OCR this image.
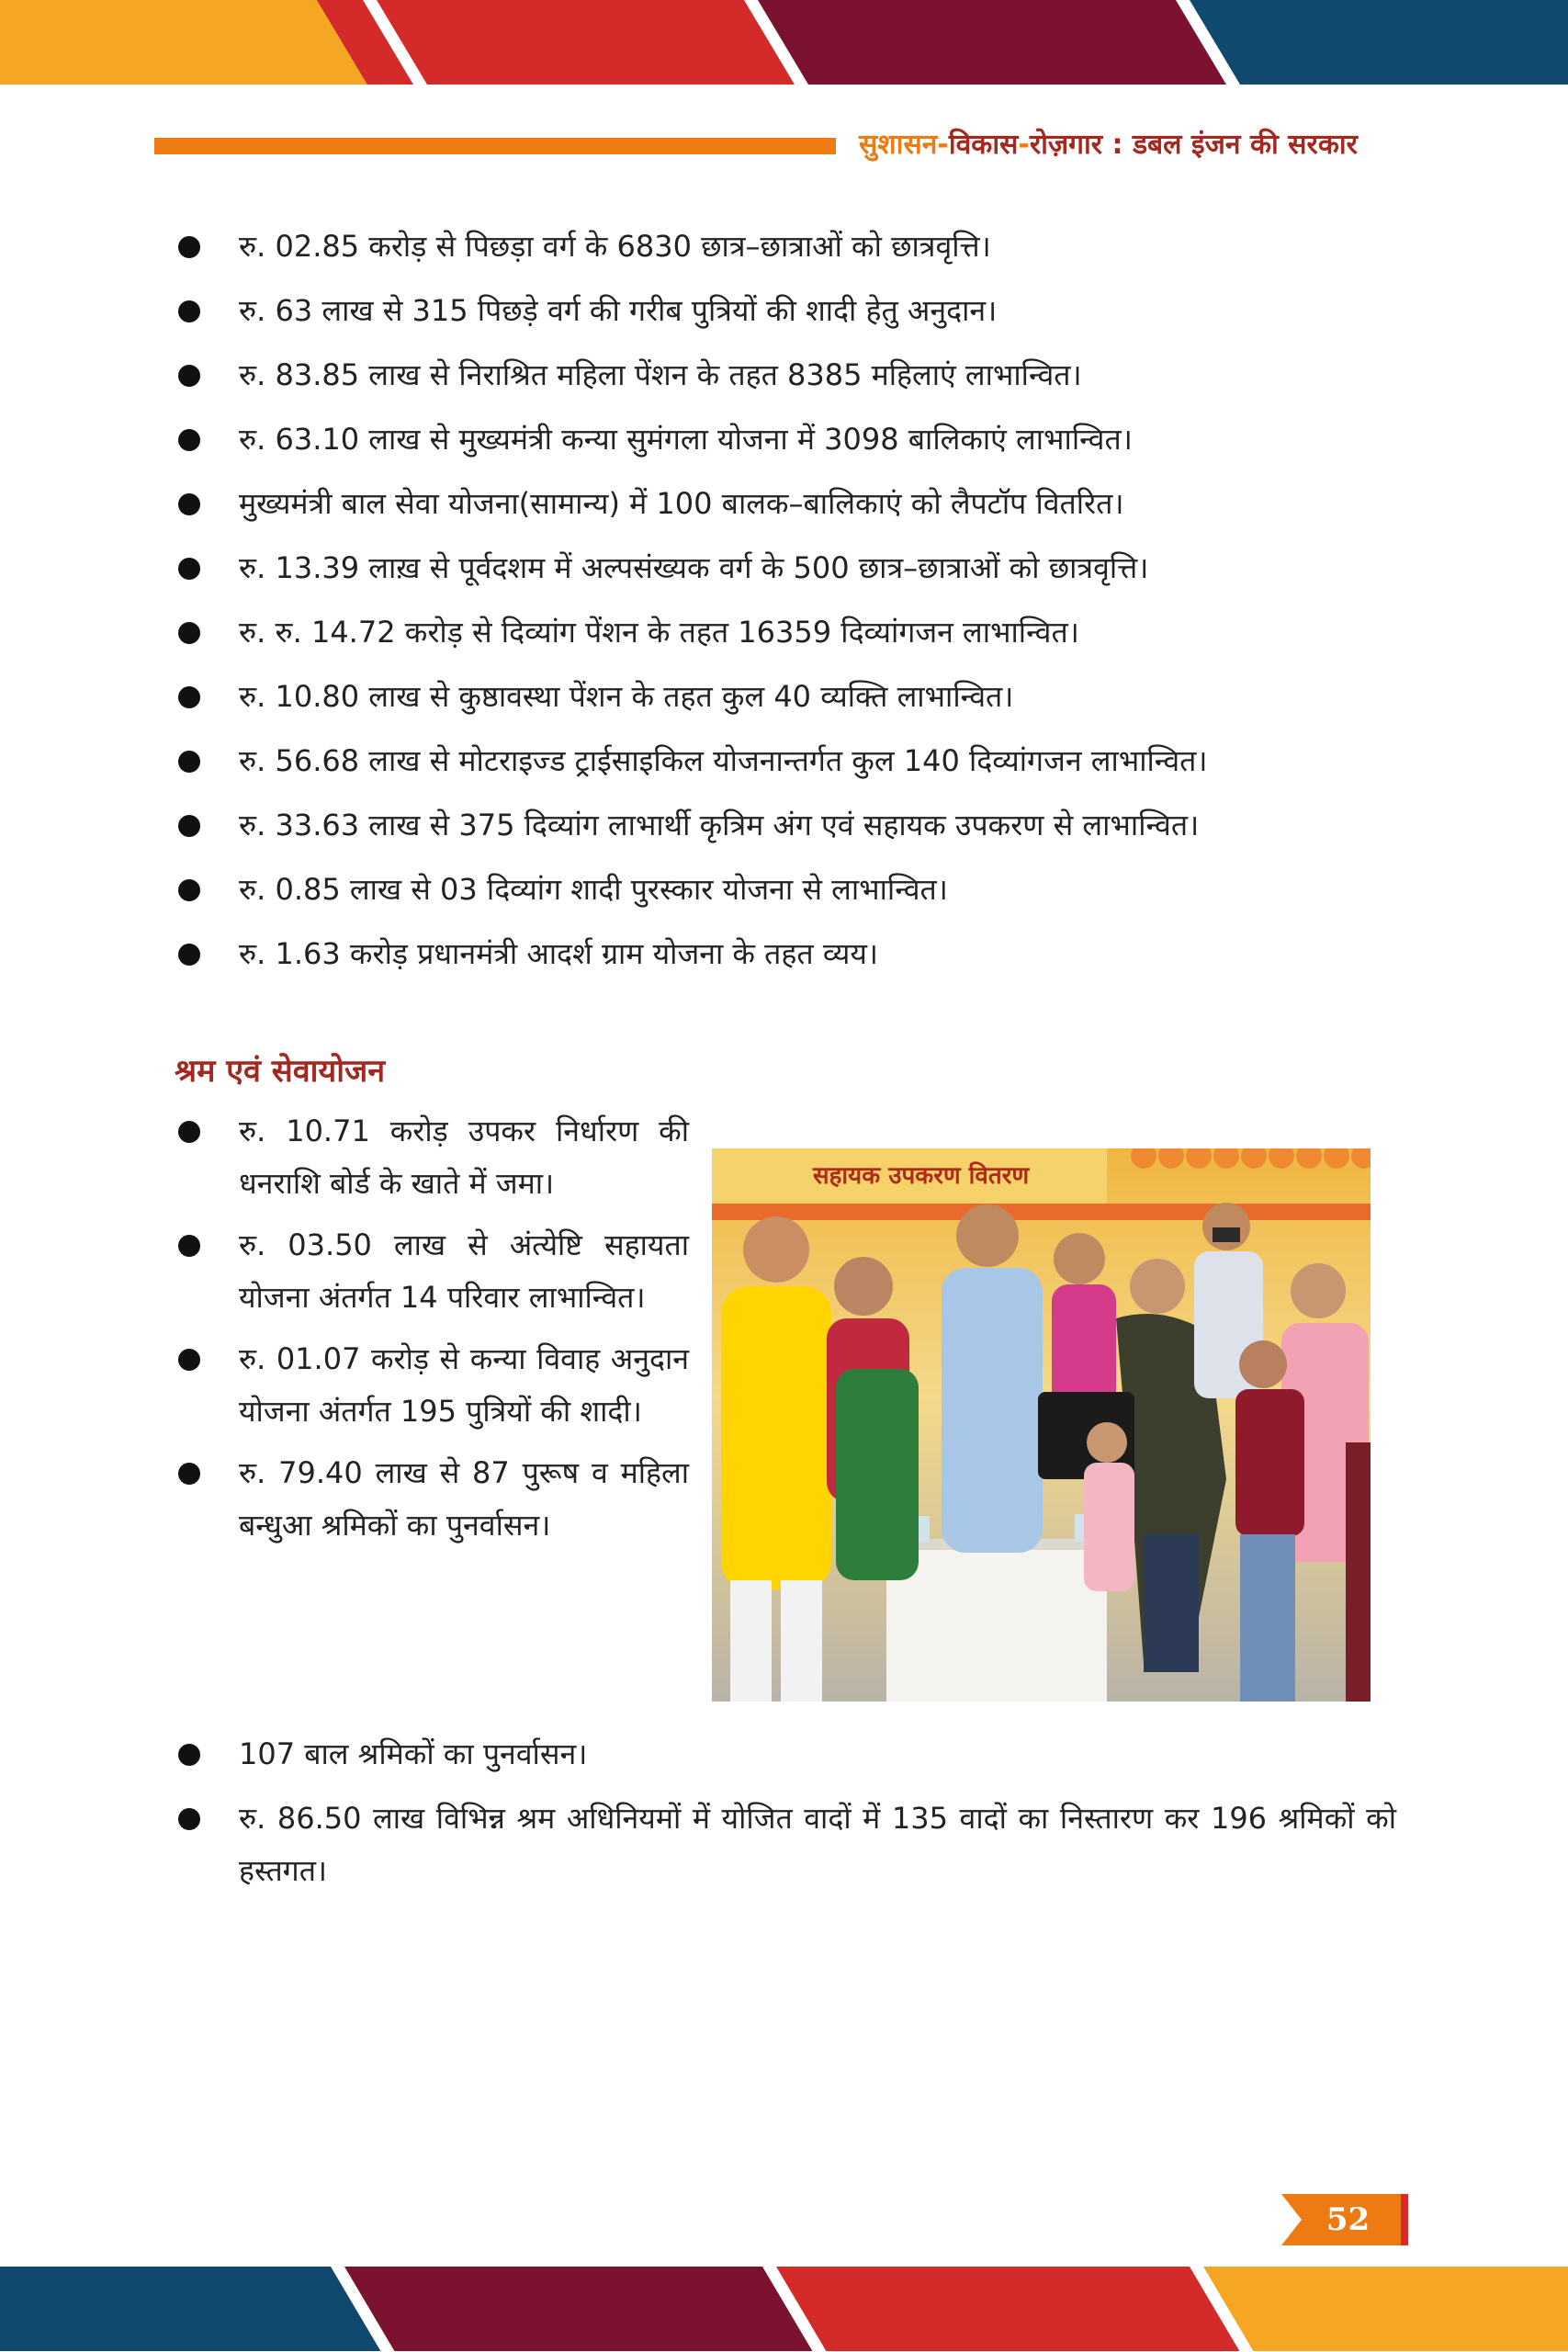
सुशासन-विकास-रोज़गार : डबल इंजन की सरकार
रु. 02.85 करोड़ से पिछड़ा वर्ग के 6830 छात्र–छात्राओं को छात्रवृत्ति।
रु. 63 लाख से 315 पिछड़े वर्ग की गरीब पुत्रियों की शादी हेतु अनुदान।
रु. 83.85 लाख से निराश्रित महिला पेंशन के तहत 8385 महिलाएं लाभान्वित।
रु. 63.10 लाख से मुख्यमंत्री कन्या सुमंगला योजना में 3098 बालिकाएं लाभान्वित।
मुख्यमंत्री बाल सेवा योजना(सामान्य) में 100 बालक–बालिकाएं को लैपटॉप वितरित।
रु. 13.39 लाख़ से पूर्वदशम में अल्पसंख्यक वर्ग के 500 छात्र–छात्राओं को छात्रवृत्ति।
रु. रु. 14.72 करोड़ से दिव्यांग पेंशन के तहत 16359 दिव्यांगजन लाभान्वित।
रु. 10.80 लाख से कुष्ठावस्था पेंशन के तहत कुल 40 व्यक्ति लाभान्वित।
रु. 56.68 लाख से मोटराइज्ड ट्राईसाइकिल योजनान्तर्गत कुल 140 दिव्यांगजन लाभान्वित।
रु. 33.63 लाख से 375 दिव्यांग लाभार्थी कृत्रिम अंग एवं सहायक उपकरण से लाभान्वित।
रु. 0.85 लाख से 03 दिव्यांग शादी पुरस्कार योजना से लाभान्वित।
रु. 1.63 करोड़ प्रधानमंत्री आदर्श ग्राम योजना के तहत व्यय।
श्रम एवं सेवायोजन
रु. 10.71 करोड़ उपकर निर्धारण की धनराशि बोर्ड के खाते में जमा।
रु. 03.50 लाख से अंत्येष्टि सहायता योजना अंतर्गत 14 परिवार लाभान्वित।
रु. 01.07 करोड़ से कन्या विवाह अनुदान योजना अंतर्गत 195 पुत्रियों की शादी।
रु. 79.40 लाख से 87 पुरूष व महिला बन्धुआ श्रमिकों का पुनर्वासन।
सहायक उपकरण वितरण
107 बाल श्रमिकों का पुनर्वासन।
रु. 86.50 लाख विभिन्न श्रम अधिनियमों में योजित वादों में 135 वादों का निस्तारण कर 196 श्रमिकों को हस्तगत।
52
